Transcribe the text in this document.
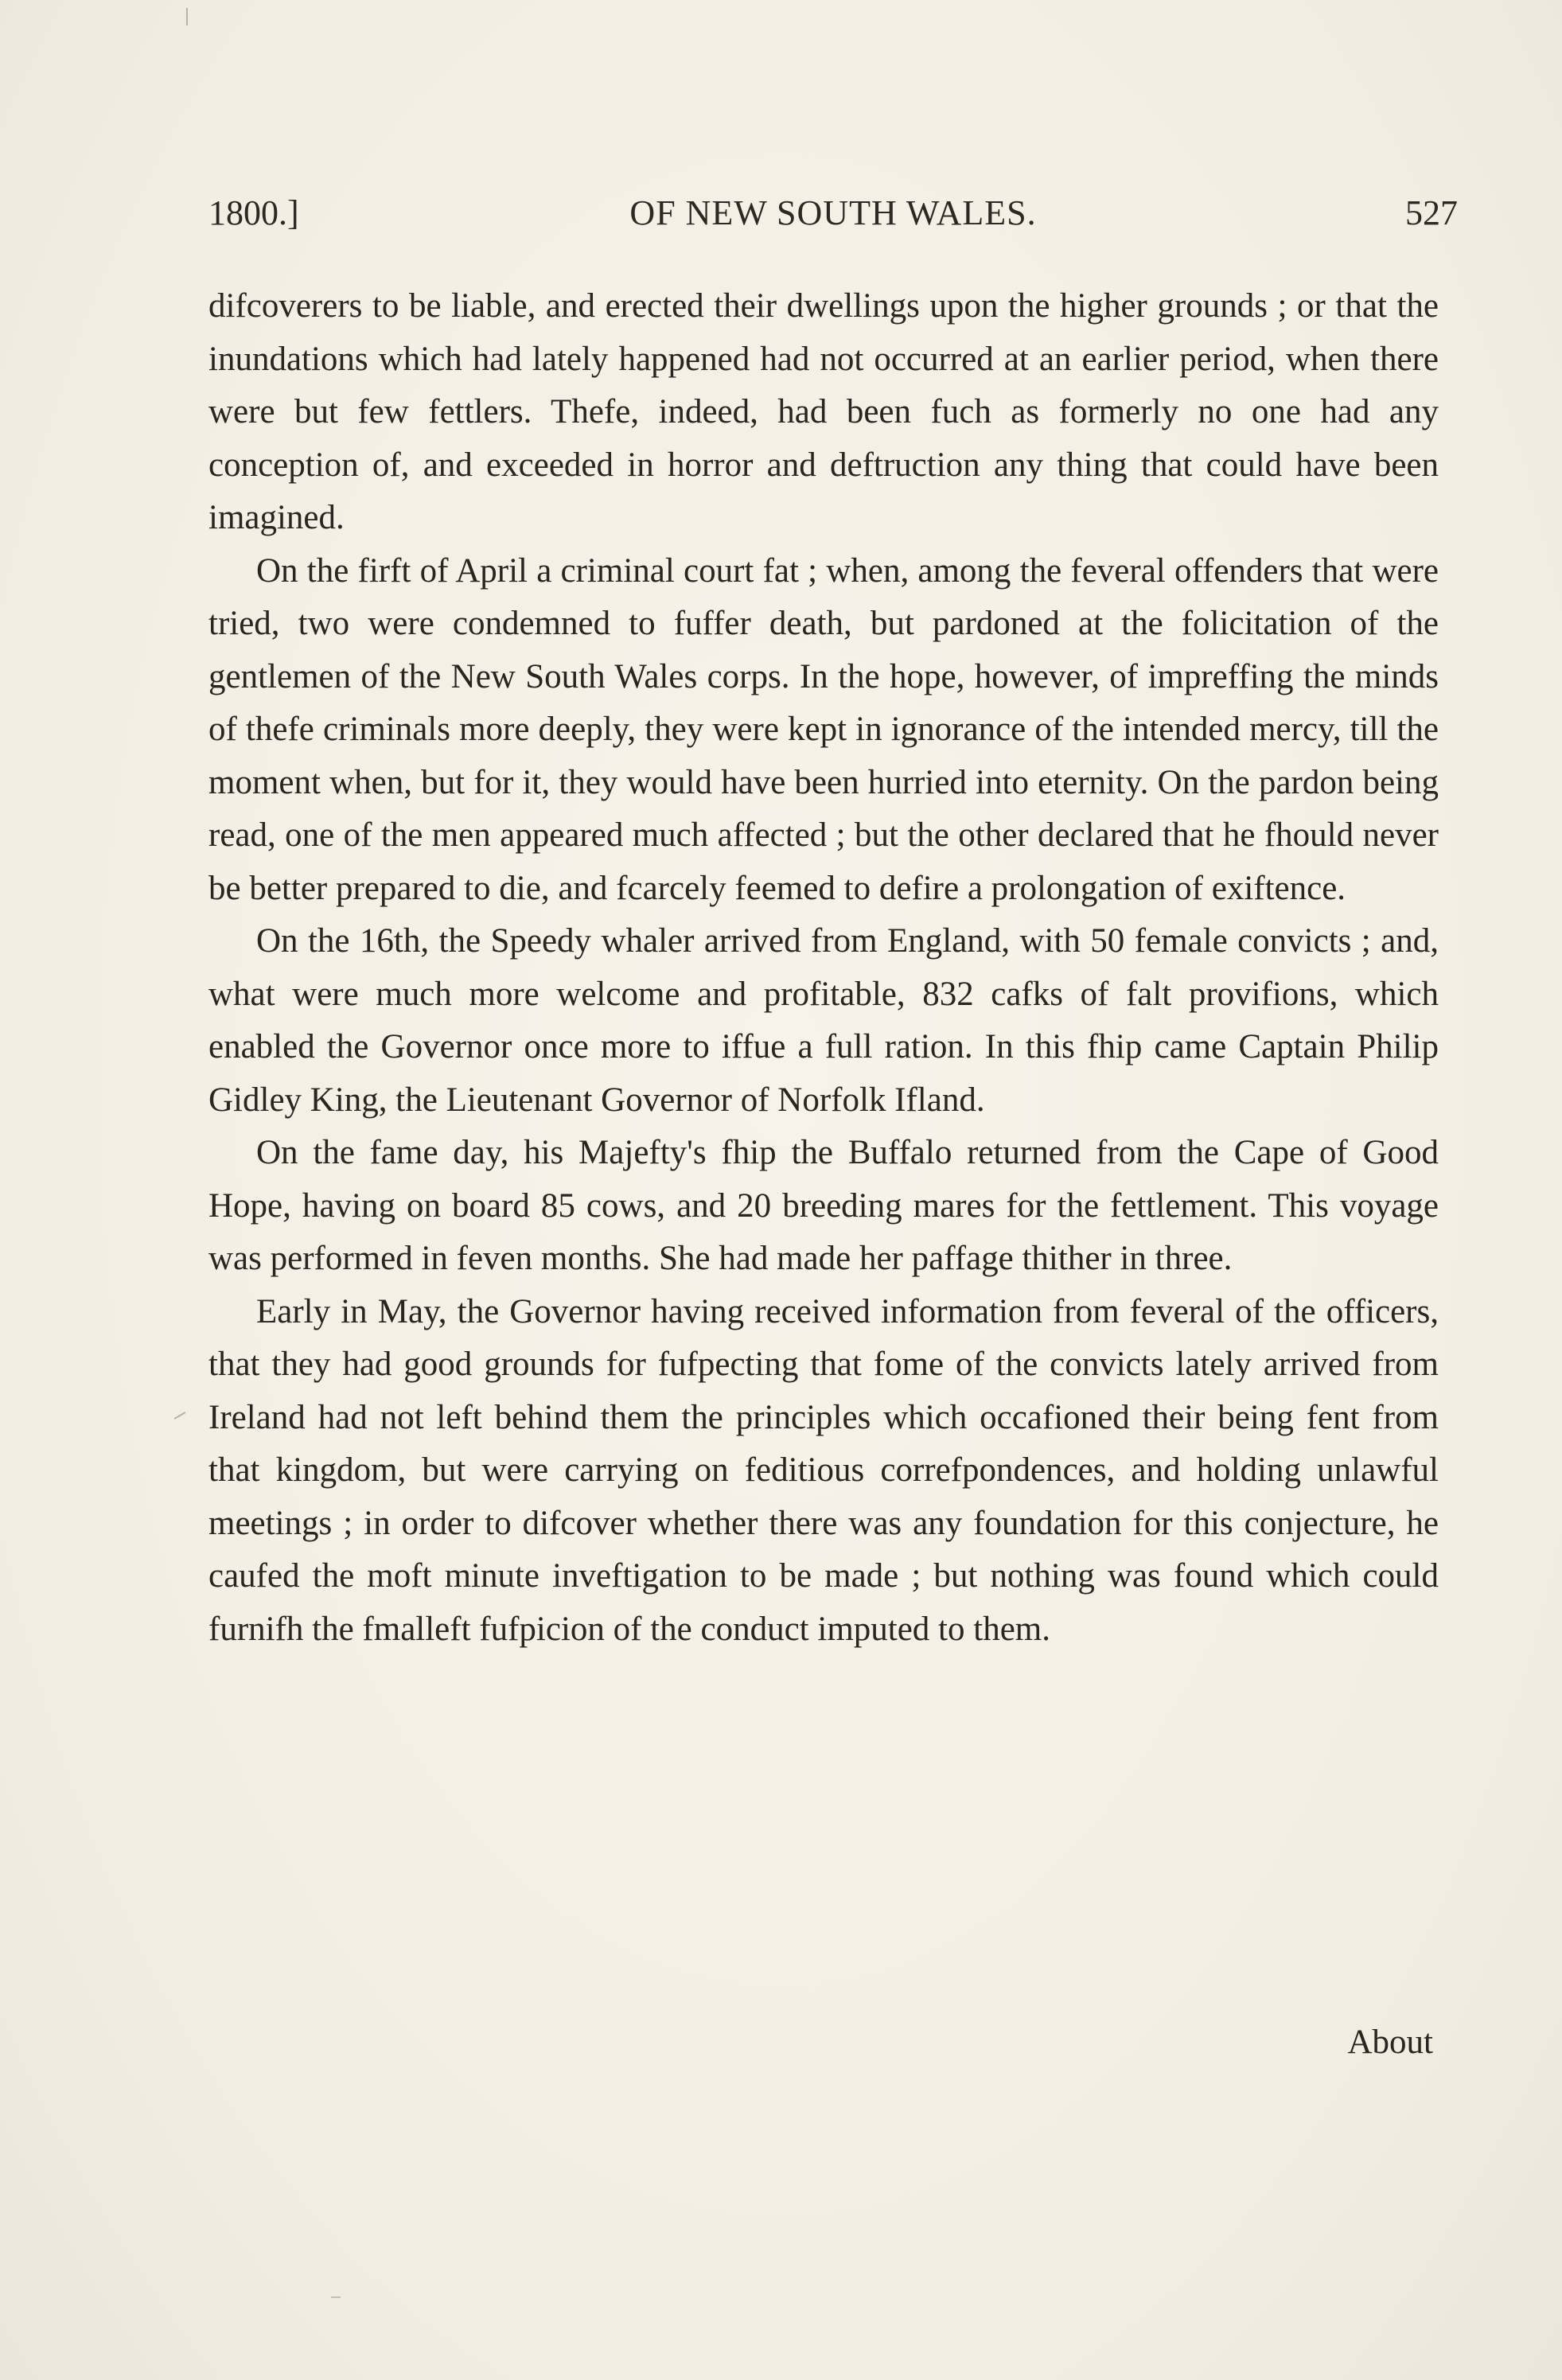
1800.]	OF NEW SOUTH WALES.	527

difcoverers to be liable, and erected their dwellings upon the higher grounds ; or that the inundations which had lately happened had not occurred at an earlier period, when there were but few fettlers. Thefe, indeed, had been fuch as formerly no one had any conception of, and exceeded in horror and deftruction any thing that could have been imagined.

On the firft of April a criminal court fat ; when, among the feveral offenders that were tried, two were condemned to fuffer death, but pardoned at the folicitation of the gentlemen of the New South Wales corps. In the hope, however, of impreffing the minds of thefe criminals more deeply, they were kept in ignorance of the intended mercy, till the moment when, but for it, they would have been hurried into eternity. On the pardon being read, one of the men appeared much affected ; but the other declared that he fhould never be better prepared to die, and fcarcely feemed to defire a prolongation of exiftence.

On the 16th, the Speedy whaler arrived from England, with 50 female convicts ; and, what were much more welcome and profitable, 832 cafks of falt provifions, which enabled the Governor once more to iffue a full ration. In this fhip came Captain Philip Gidley King, the Lieutenant Governor of Norfolk Ifland.

On the fame day, his Majefty's fhip the Buffalo returned from the Cape of Good Hope, having on board 85 cows, and 20 breeding mares for the fettlement. This voyage was performed in feven months. She had made her paffage thither in three.

Early in May, the Governor having received information from feveral of the officers, that they had good grounds for fufpecting that fome of the convicts lately arrived from Ireland had not left behind them the principles which occafioned their being fent from that kingdom, but were carrying on feditious correfpondences, and holding unlawful meetings ; in order to difcover whether there was any foundation for this conjecture, he caufed the moft minute inveftigation to be made ; but nothing was found which could furnifh the fmalleft fufpicion of the conduct imputed to them.

About
